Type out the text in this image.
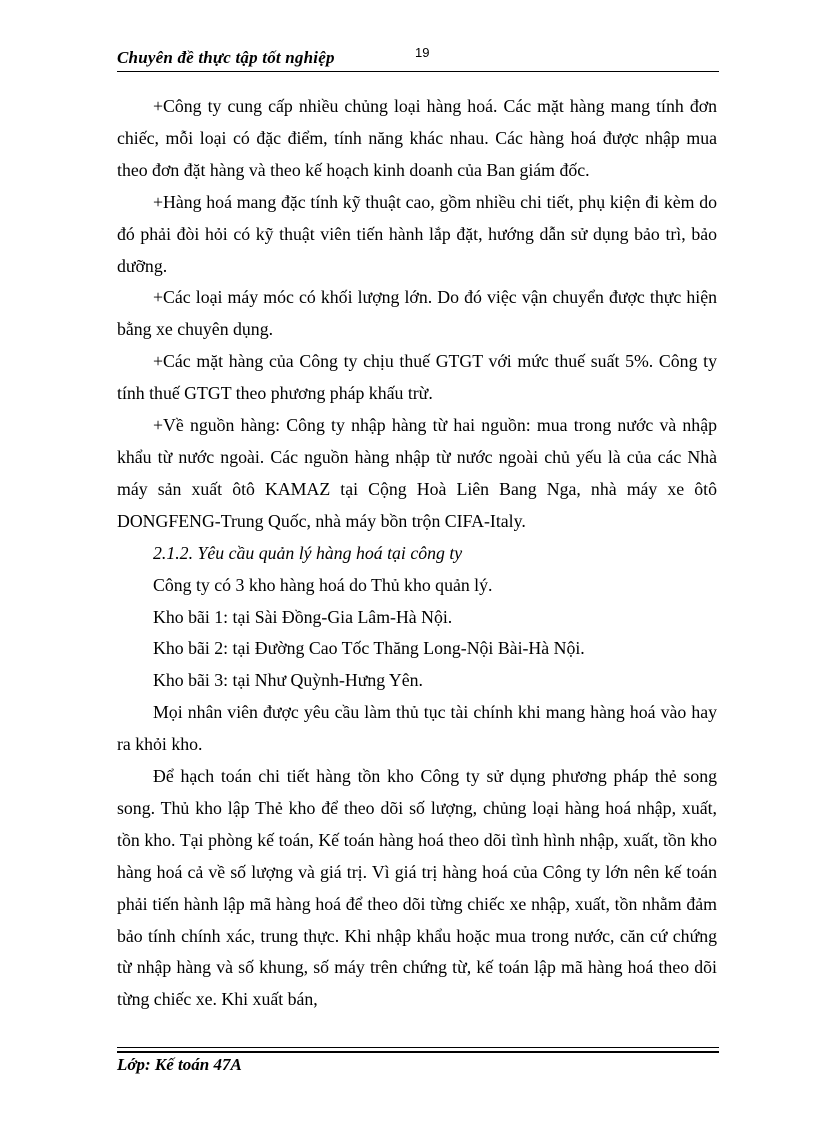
Chuyên đề thực tập tốt nghiệp	19

+Công ty cung cấp nhiều chủng loại hàng hoá. Các mặt hàng mang tính đơn chiếc, mỗi loại có đặc điểm, tính năng khác nhau. Các hàng hoá được nhập mua theo đơn đặt hàng và theo kế hoạch kinh doanh của Ban giám đốc.

+Hàng hoá mang đặc tính kỹ thuật cao, gồm nhiều chi tiết, phụ kiện đi kèm do đó phải đòi hỏi có kỹ thuật viên tiến hành lắp đặt, hướng dẫn sử dụng bảo trì, bảo dưỡng.

+Các loại máy móc có khối lượng lớn. Do đó việc vận chuyển được thực hiện bằng xe chuyên dụng.

+Các mặt hàng của Công ty chịu thuế GTGT với mức thuế suất 5%. Công ty tính thuế GTGT theo phương pháp khấu trừ.

+Về nguồn hàng: Công ty nhập hàng từ hai nguồn: mua trong nước và nhập khẩu từ nước ngoài. Các nguồn hàng nhập từ nước ngoài chủ yếu là của các Nhà máy sản xuất ôtô KAMAZ tại Cộng Hoà Liên Bang Nga, nhà máy xe ôtô DONGFENG-Trung Quốc, nhà máy bồn trộn CIFA-Italy.

2.1.2. Yêu cầu quản lý hàng hoá tại công ty

Công ty có 3 kho hàng hoá do Thủ kho quản lý.

Kho bãi 1: tại Sài Đồng-Gia Lâm-Hà Nội.

Kho bãi 2: tại Đường Cao Tốc Thăng Long-Nội Bài-Hà Nội.

Kho bãi 3: tại Như Quỳnh-Hưng Yên.

Mọi nhân viên được yêu cầu làm thủ tục tài chính khi mang hàng hoá vào hay ra khỏi kho.

Để hạch toán chi tiết hàng tồn kho Công ty sử dụng phương pháp thẻ song song. Thủ kho lập Thẻ kho để theo dõi số lượng, chủng loại hàng hoá nhập, xuất, tồn kho. Tại phòng kế toán, Kế toán hàng hoá theo dõi tình hình nhập, xuất, tồn kho hàng hoá cả về số lượng và giá trị. Vì giá trị hàng hoá của Công ty lớn nên kế toán phải tiến hành lập mã hàng hoá để theo dõi từng chiếc xe nhập, xuất, tồn nhằm đảm bảo tính chính xác, trung thực. Khi nhập khẩu hoặc mua trong nước, căn cứ chứng từ nhập hàng và số khung, số máy trên chứng từ, kế toán lập mã hàng hoá theo dõi từng chiếc xe. Khi xuất bán,

Lớp: Kế toán 47A
